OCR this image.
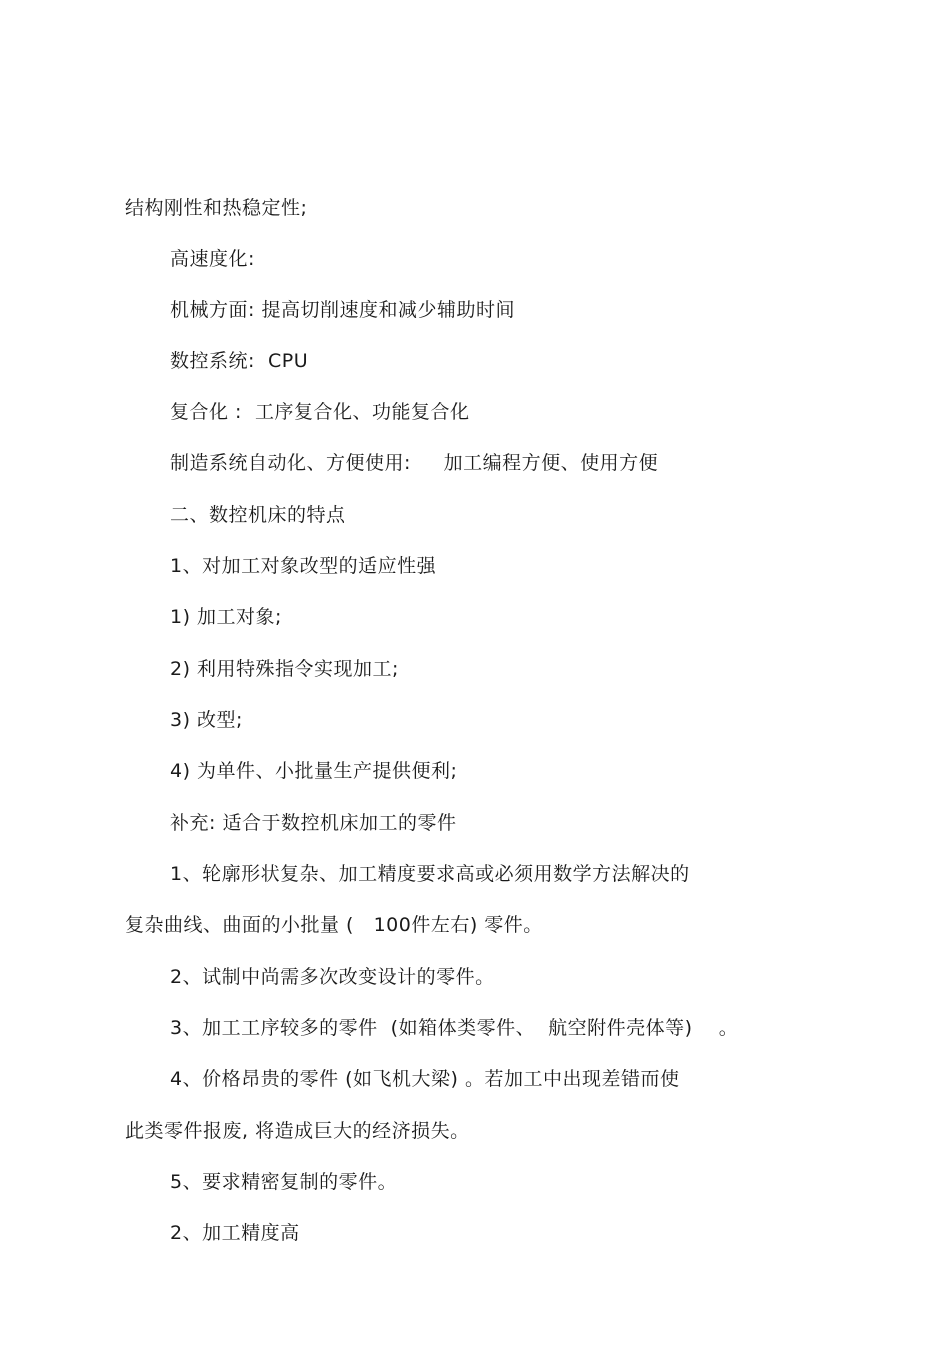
结构刚性和热稳定性;
高速度化:
机械方面: 提高切削速度和减少辅助时间
数控系统:  CPU
复合化 :  工序复合化、功能复合化
制造系统自动化、方便使用:     加工编程方便、使用方便
二、数控机床的特点
1、对加工对象改型的适应性强
1) 加工对象;
2) 利用特殊指令实现加工;
3) 改型;
4) 为单件、小批量生产提供便利;
补充: 适合于数控机床加工的零件
1、轮廓形状复杂、加工精度要求高或必须用数学方法解决的
复杂曲线、曲面的小批量 (   100件左右) 零件。
2、试制中尚需多次改变设计的零件。
3、加工工序较多的零件  (如箱体类零件、  航空附件壳体等)    。
4、价格昂贵的零件 (如飞机大梁) 。若加工中出现差错而使
此类零件报废, 将造成巨大的经济损失。
5、要求精密复制的零件。
2、加工精度高
